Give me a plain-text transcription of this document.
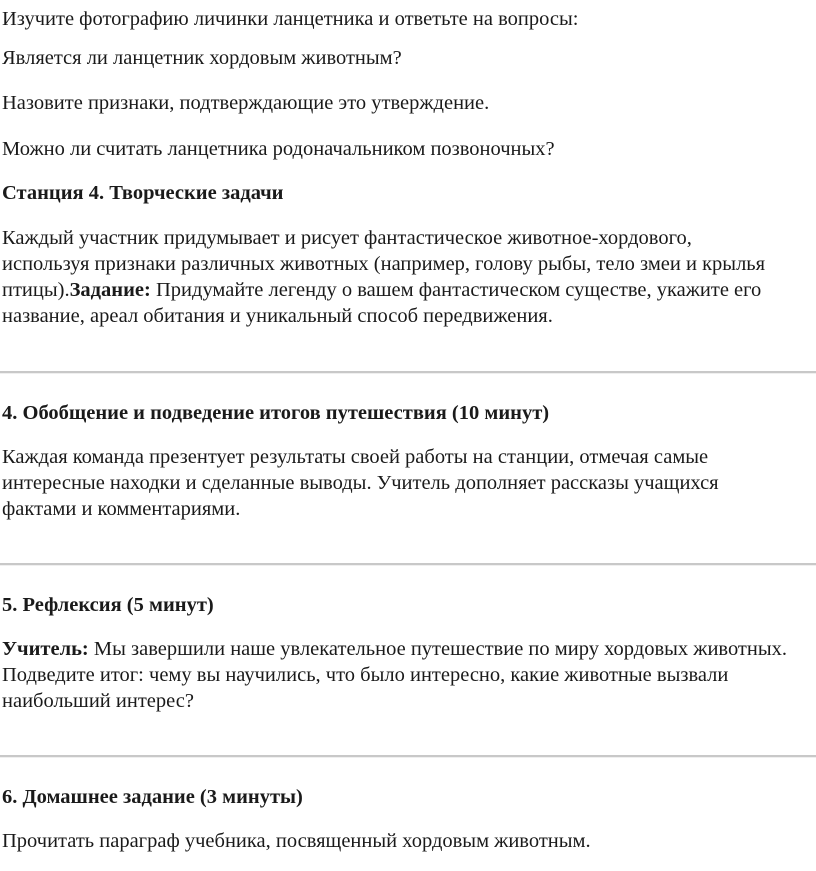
Изучите фотографию личинки ланцетника и ответьте на вопросы:

Является ли ланцетник хордовым животным?

Назовите признаки, подтверждающие это утверждение.

Можно ли считать ланцетника родоначальником позвоночных?

Станция 4. Творческие задачи

Каждый участник придумывает и рисует фантастическое животное-хордового, используя признаки различных животных (например, голову рыбы, тело змеи и крылья птицы).Задание: Придумайте легенду о вашем фантастическом существе, укажите его название, ареал обитания и уникальный способ передвижения.

4. Обобщение и подведение итогов путешествия (10 минут)

Каждая команда презентует результаты своей работы на станции, отмечая самые интересные находки и сделанные выводы. Учитель дополняет рассказы учащихся фактами и комментариями.

5. Рефлексия (5 минут)

Учитель: Мы завершили наше увлекательное путешествие по миру хордовых животных. Подведите итог: чему вы научились, что было интересно, какие животные вызвали наибольший интерес?

6. Домашнее задание (3 минуты)

Прочитать параграф учебника, посвященный хордовым животным.
